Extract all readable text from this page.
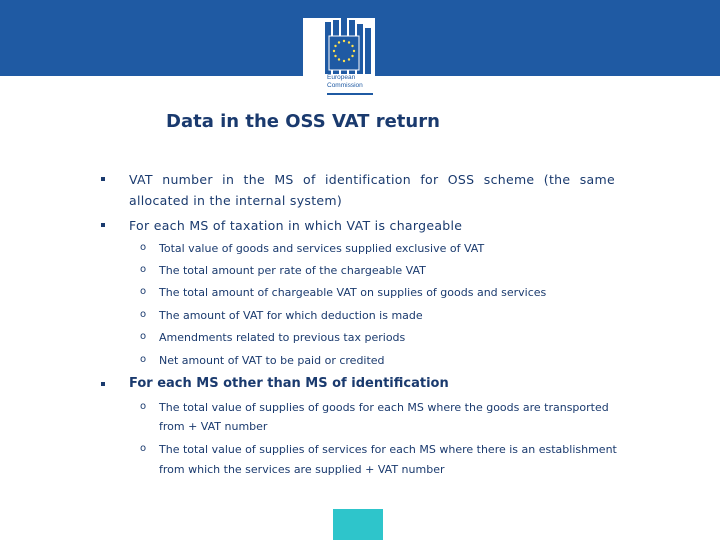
European
Commission
Data in the OSS VAT return
VAT number in the MS of identification for OSS scheme (the same
allocated in the internal system)
For each MS of taxation in which VAT is chargeable
o Total value of goods and services supplied exclusive of VAT
o The total amount per rate of the chargeable VAT
o The total amount of chargeable VAT on supplies of goods and services
o The amount of VAT for which deduction is made
o Amendments related to previous tax periods
o Net amount of VAT to be paid or credited
For each MS other than MS of identification
o The total value of supplies of goods for each MS where the goods are transported
from + VAT number
o The total value of supplies of services for each MS where there is an establishment
from which the services are supplied + VAT number
